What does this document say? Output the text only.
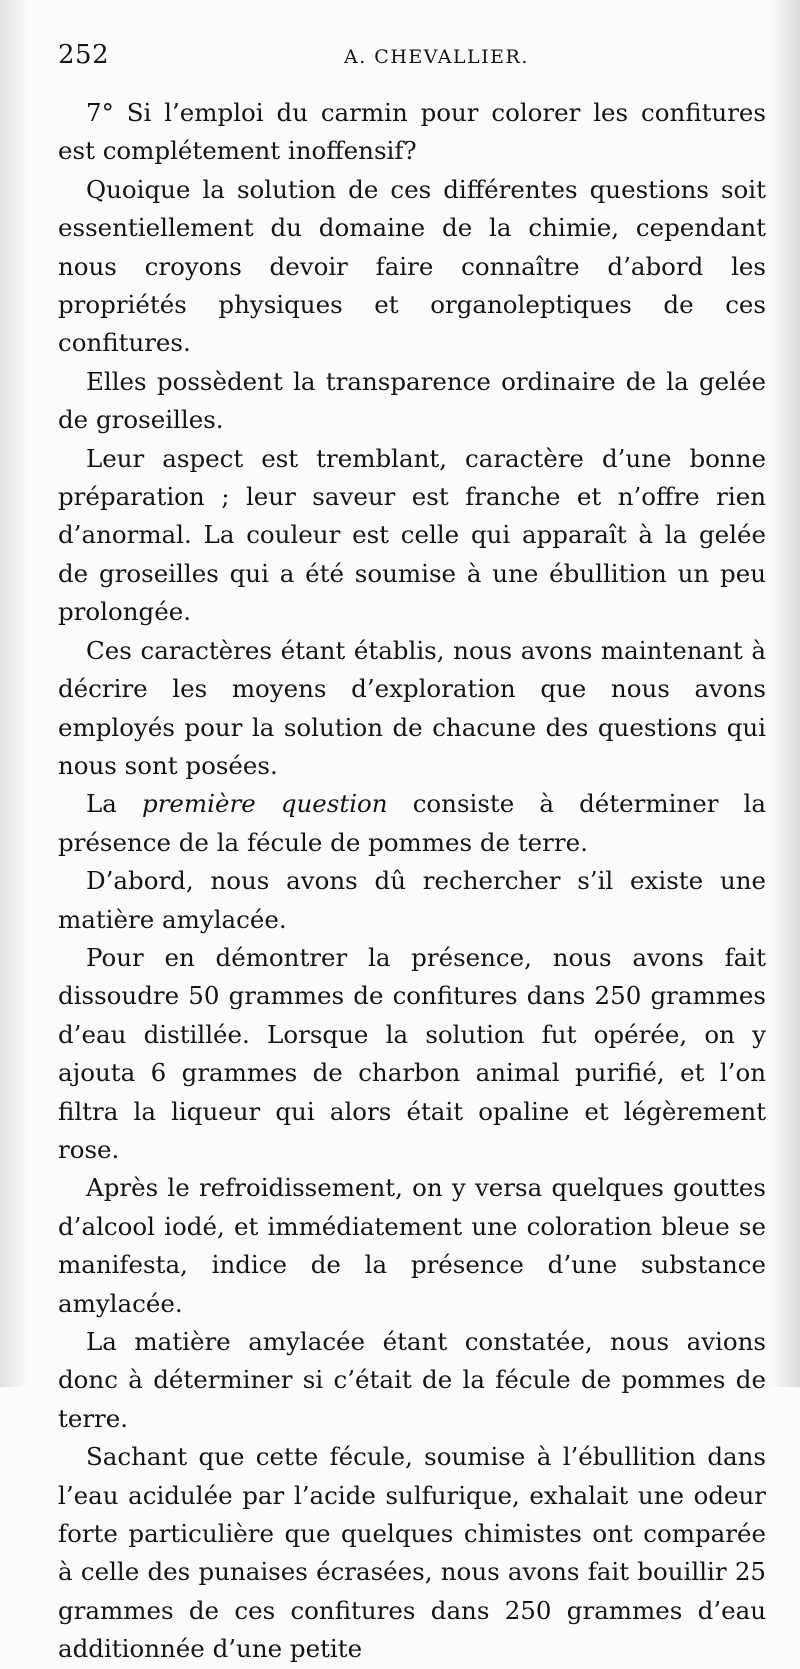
252	A. CHEVALLIER.

7° Si l’emploi du carmin pour colorer les confitures est complétement inoffensif?

Quoique la solution de ces différentes questions soit essentiellement du domaine de la chimie, cependant nous croyons devoir faire connaître d’abord les propriétés physiques et organoleptiques de ces confitures.

Elles possèdent la transparence ordinaire de la gelée de groseilles.

Leur aspect est tremblant, caractère d’une bonne préparation ; leur saveur est franche et n’offre rien d’anormal. La couleur est celle qui apparaît à la gelée de groseilles qui a été soumise à une ébullition un peu prolongée.

Ces caractères étant établis, nous avons maintenant à décrire les moyens d’exploration que nous avons employés pour la solution de chacune des questions qui nous sont posées.

La première question consiste à déterminer la présence de la fécule de pommes de terre.

D’abord, nous avons dû rechercher s’il existe une matière amylacée.

Pour en démontrer la présence, nous avons fait dissoudre 50 grammes de confitures dans 250 grammes d’eau distillée. Lorsque la solution fut opérée, on y ajouta 6 grammes de charbon animal purifié, et l’on filtra la liqueur qui alors était opaline et légèrement rose.

Après le refroidissement, on y versa quelques gouttes d’alcool iodé, et immédiatement une coloration bleue se manifesta, indice de la présence d’une substance amylacée.

La matière amylacée étant constatée, nous avions donc à déterminer si c’était de la fécule de pommes de terre.

Sachant que cette fécule, soumise à l’ébullition dans l’eau acidulée par l’acide sulfurique, exhalait une odeur forte particulière que quelques chimistes ont comparée à celle des punaises écrasées, nous avons fait bouillir 25 grammes de ces confitures dans 250 grammes d’eau additionnée d’une petite
